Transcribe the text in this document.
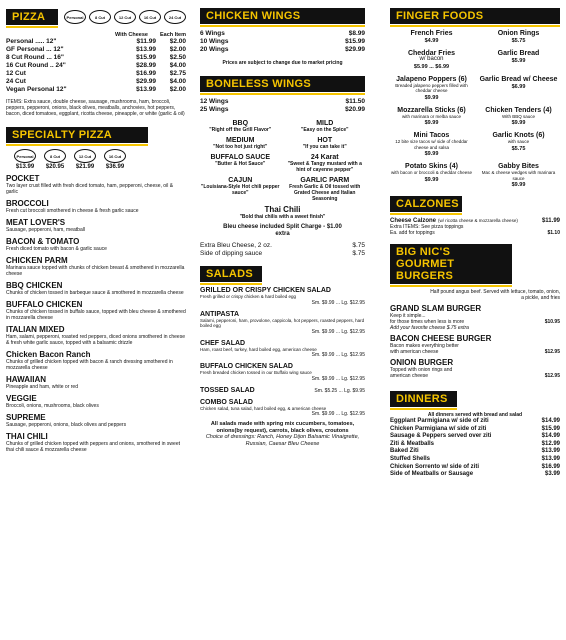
PIZZA	Personal	8 Cut	12 Cut	16 Cut	24 Cut
With Cheese	Each Item
Personal ..... 12"	$11.99	$2.00
GF Personal ... 12"	$13.99	$2.00
8 Cut Round ... 16"	$15.99	$2.50
16 Cut Round .. 24"	$28.99	$4.00
12 Cut	$16.99	$2.75
24 Cut	$29.99	$4.00
Vegan Personal 12"	$13.99	$2.00
ITEMS: Extra sauce, double cheese, sausage, mushrooms, ham, broccoli, peppers, pepperoni, onions, black olives, meatballs, anchovies, hot peppers, bacon, diced tomatoes, eggplant, ricotta cheese, pineapple, or white (garlic & oil)
SPECIALTY PIZZA
Personal
$13.99
8 Cut
$20.95
12 Cut
$21.99
16 Cut
$36.99
POCKET
Two layer crust filled with fresh diced tomato, ham, pepperoni, cheese, oil & garlic
BROCCOLI
Fresh cut broccoli smothered in cheese & fresh garlic sauce
MEAT LOVER'S
Sausage, pepperoni, ham, meatball
BACON & TOMATO
Fresh diced tomato with bacon & garlic sauce
CHICKEN PARM
Marinara sauce topped with chunks of chicken breast & smothered in mozzarella cheese
BBQ CHICKEN
Chunks of chicken tossed in barbeque sauce & smothered in mozzarella cheese
BUFFALO CHICKEN
Chunks of chicken tossed in buffalo sauce, topped with bleu cheese & smothered in mozzarella cheese
ITALIAN MIXED
Ham, salami, pepperoni, roasted red peppers, diced onions smothered in cheese & fresh white garlic sauce, topped with a balsamic drizzle
Chicken Bacon Ranch
Chunks of grilled chicken topped with bacon & ranch dressing smothered in mozzarella cheese
HAWAIIAN
Pineapple and ham, white or red
VEGGIE
Broccoli, onions, mushrooms, black olives
SUPREME
Sausage, pepperoni, onions, black olives and peppers
THAI CHILI
Chunks of grilled chicken topped with peppers and onions, smothered in sweet thai chili sauce & mozzarella cheese
CHICKEN WINGS
6 Wings	$8.99
10 Wings	$15.99
20 Wings	$29.99
Prices are subject to change due to market pricing
BONELESS WINGS
12 Wings	$11.50
25 Wings	$20.99
BBQ
"Right off the Grill Flavor"
MILD
"Easy on the Spice"
MEDIUM
"Not too hot just right"
HOT
"If you can take it"
BUFFALO SAUCE
"Butter & Hot Sauce"
24 Karat
"Sweet & Tangy mustard with a hint of cayenne pepper"
CAJUN
"Louisiana-Style Hot chili pepper sauce"
GARLIC PARM
Fresh Garlic & Oil tossed with Grated Cheese and Italian Seasoning
Thai Chili
"Bold thai chilis with a sweet finish"
Bleu cheese included Split Charge - $1.00 extra
Extra Bleu Cheese, 2 oz.	$.75
Side of dipping sauce	$.75
SALADS
GRILLED OR CRISPY CHICKEN SALAD
Fresh grilled or crispy chicken & hard boiled egg
Sm. $9.99 ... Lg. $12.95
ANTIPASTA
Salami, pepperoni, ham, provolone, cappicola, hot peppers, roasted peppers, hard boiled egg
Sm. $9.99 ... Lg. $12.95
CHEF SALAD
Ham, roast beef, turkey, hard boiled egg, american cheese
Sm. $9.99 ... Lg. $12.95
BUFFALO CHICKEN SALAD
Fresh breaded chicken tossed in our Buffalo wing sauce
Sm. $9.99 ... Lg. $12.95
TOSSED SALAD	Sm. $5.25 ... Lg. $9.95
COMBO SALAD
Chicken salad, tuna salad, hard boiled egg, & american cheese
Sm. $9.99 ... Lg. $12.95
All salads made with spring mix cucumbers, tomatoes, onions(by request), carrots, black olives, croutons
Choice of dressings: Ranch, Honey Dijon Balsamic Vinaigrette, Russian, Caesar Bleu Cheese
FINGER FOODS
French Fries
$4.99
Onion Rings
$5.75
Cheddar Fries
w/ bacon
$5.99 ... $6.99
Garlic Bread
$5.99
Jalapeno Poppers (6)
Breaded jalapeno peppers filled with cheddar cheese
$9.99
Garlic Bread w/ Cheese
$6.99
Mozzarella Sticks (6)
with marinara or melba sauce
$9.99
Chicken Tenders (4)
With BBQ sauce
$9.99
Mini Tacos
12 bite size tacos w/ side of cheddar cheese and salsa
$9.99
Garlic Knots (6)
with sauce
$5.75
Potato Skins (4)
with bacon or broccoli & cheddar cheese
$9.99
Gabby Bites
Mac & cheese wedges with marinara sauce
$9.99
CALZONES
Cheese Calzone (w/ ricotta cheese & mozzarella cheese)	$11.99
Extra ITEMS: See pizza toppings
Ea. add for toppings	$1.10
BIG NIC'S GOURMET BURGERS
Half pound angus beef. Served with lettuce, tomato, onion, a pickle, and fries
GRAND SLAM BURGER
Keep it simple...
for those times when less is more	$10.95
Add your favorite cheese $.75 extra
BACON CHEESE BURGER
Bacon makes everything better
with american cheese	$12.95
ONION BURGER
Topped with onion rings and
american cheese	$12.95
DINNERS
All dinners served with bread and salad
Eggplant Parmigiana w/ side of ziti	$14.99
Chicken Parmigiana w/ side of ziti	$15.99
Sausage & Peppers served over ziti	$14.99
Ziti & Meatballs	$12.99
Baked Ziti	$13.99
Stuffed Shells	$13.99
Chicken Sorrento w/ side of ziti	$16.99
Side of Meatballs or Sausage	$3.99
